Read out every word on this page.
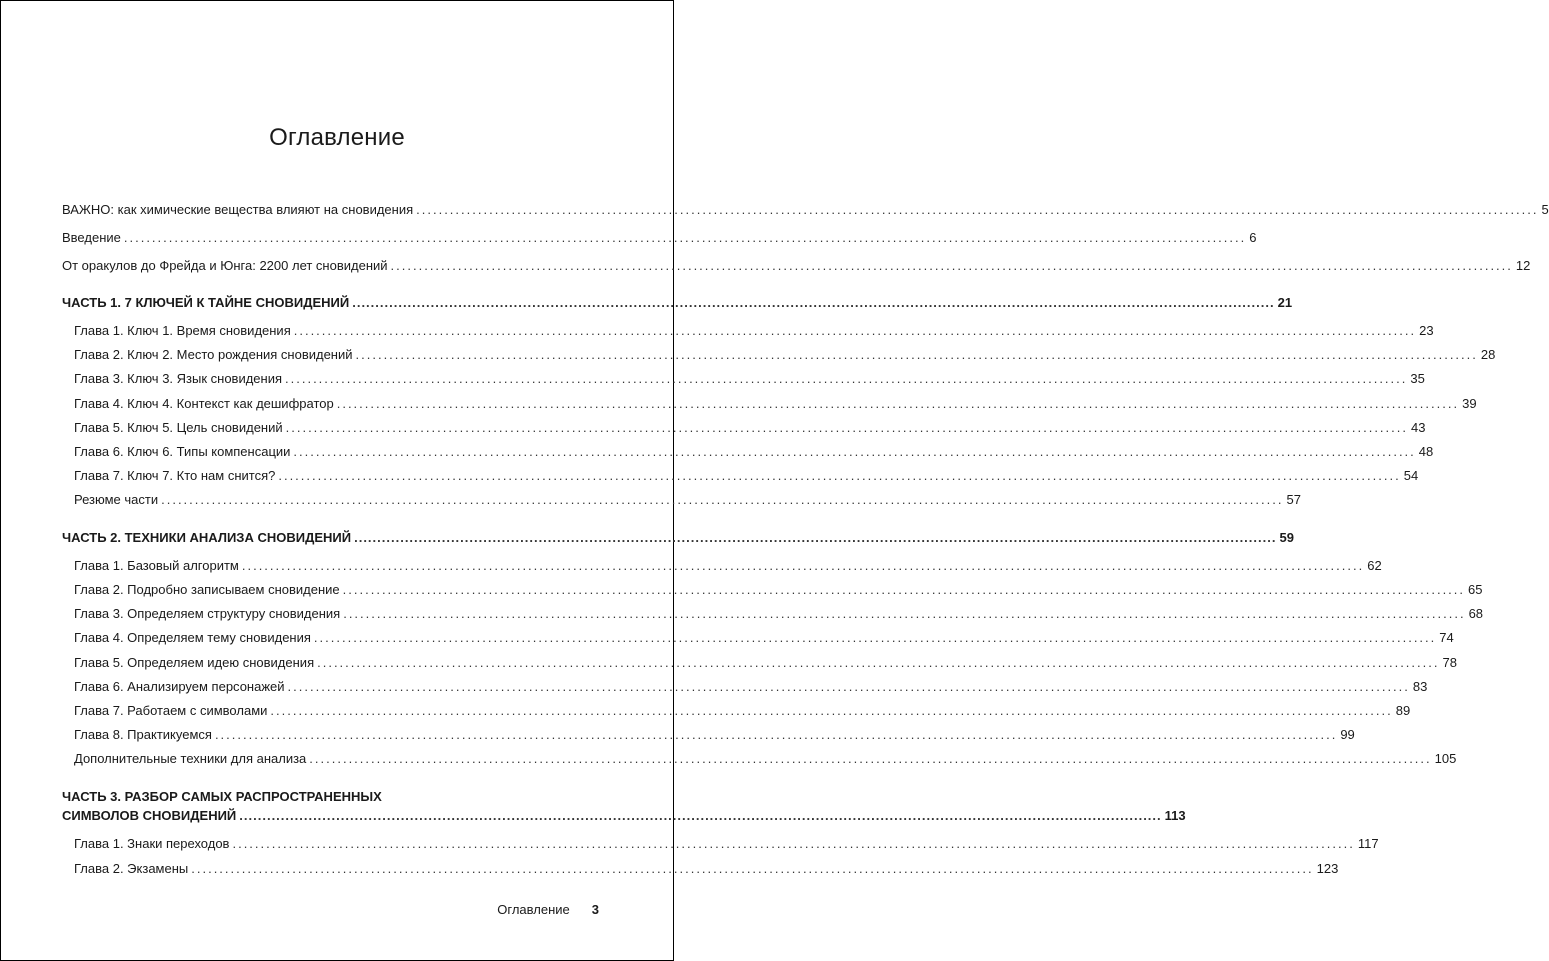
Оглавление
ВАЖНО: как химические вещества влияют на сновидения ........................................................................................................................................................................................................ 5
Введение ........................................................................................................................................................................................................ 6
От оракулов до Фрейда и Юнга: 2200 лет сновидений ........................................................................................................................................................................................................ 12
ЧАСТЬ 1. 7 КЛЮЧЕЙ К ТАЙНЕ СНОВИДЕНИЙ ........................................................................................................................................................................................................ 21
Глава 1. Ключ 1. Время сновидения ........................................................................................................................................................................................................ 23
Глава 2. Ключ 2. Место рождения сновидений ........................................................................................................................................................................................................ 28
Глава 3. Ключ 3. Язык сновидения ........................................................................................................................................................................................................ 35
Глава 4. Ключ 4. Контекст как дешифратор ........................................................................................................................................................................................................ 39
Глава 5. Ключ 5. Цель сновидений ........................................................................................................................................................................................................ 43
Глава 6. Ключ 6. Типы компенсации ........................................................................................................................................................................................................ 48
Глава 7. Ключ 7. Кто нам снится? ........................................................................................................................................................................................................ 54
Резюме части ........................................................................................................................................................................................................ 57
ЧАСТЬ 2. ТЕХНИКИ АНАЛИЗА СНОВИДЕНИЙ ........................................................................................................................................................................................................ 59
Глава 1. Базовый алгоритм ........................................................................................................................................................................................................ 62
Глава 2. Подробно записываем сновидение ........................................................................................................................................................................................................ 65
Глава 3. Определяем структуру сновидения ........................................................................................................................................................................................................ 68
Глава 4. Определяем тему сновидения ........................................................................................................................................................................................................ 74
Глава 5. Определяем идею сновидения ........................................................................................................................................................................................................ 78
Глава 6. Анализируем персонажей ........................................................................................................................................................................................................ 83
Глава 7. Работаем с символами ........................................................................................................................................................................................................ 89
Глава 8. Практикуемся ........................................................................................................................................................................................................ 99
Дополнительные техники для анализа ........................................................................................................................................................................................................ 105
ЧАСТЬ 3. РАЗБОР САМЫХ РАСПРОСТРАНЕННЫХ
СИМВОЛОВ СНОВИДЕНИЙ ........................................................................................................................................................................................................ 113
Глава 1. Знаки переходов ........................................................................................................................................................................................................ 117
Глава 2. Экзамены ........................................................................................................................................................................................................ 123
Оглавление 3
